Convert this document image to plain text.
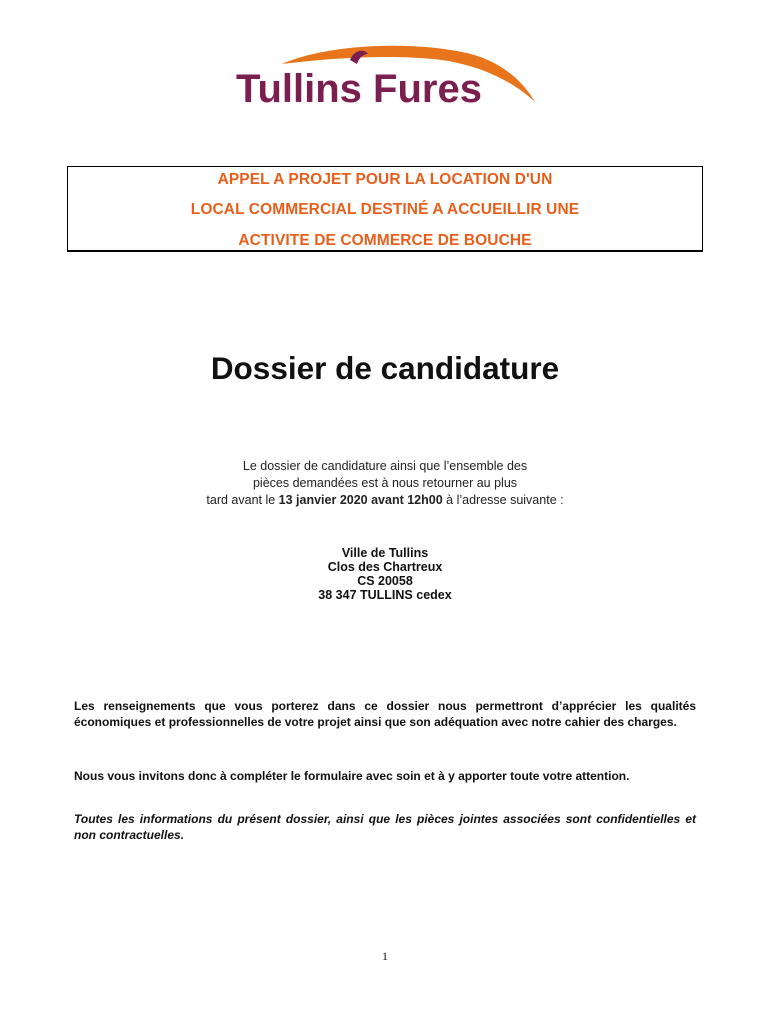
Tullins Fures
APPEL A PROJET POUR LA LOCATION D'UN
LOCAL COMMERCIAL DESTINÉ A ACCUEILLIR UNE
ACTIVITE DE COMMERCE DE BOUCHE
Dossier de candidature
Le dossier de candidature ainsi que l’ensemble des
pièces demandées est à nous retourner au plus
tard avant le 13 janvier 2020 avant 12h00 à l’adresse suivante :
Ville de Tullins
Clos des Chartreux
CS 20058
38 347 TULLINS cedex
Les renseignements que vous porterez dans ce dossier nous permettront d’apprécier les qualités économiques et professionnelles de votre projet ainsi que son adéquation avec notre cahier des charges.
Nous vous invitons donc à compléter le formulaire avec soin et à y apporter toute votre attention.
Toutes les informations du présent dossier, ainsi que les pièces jointes associées sont confidentielles et non contractuelles.
1
